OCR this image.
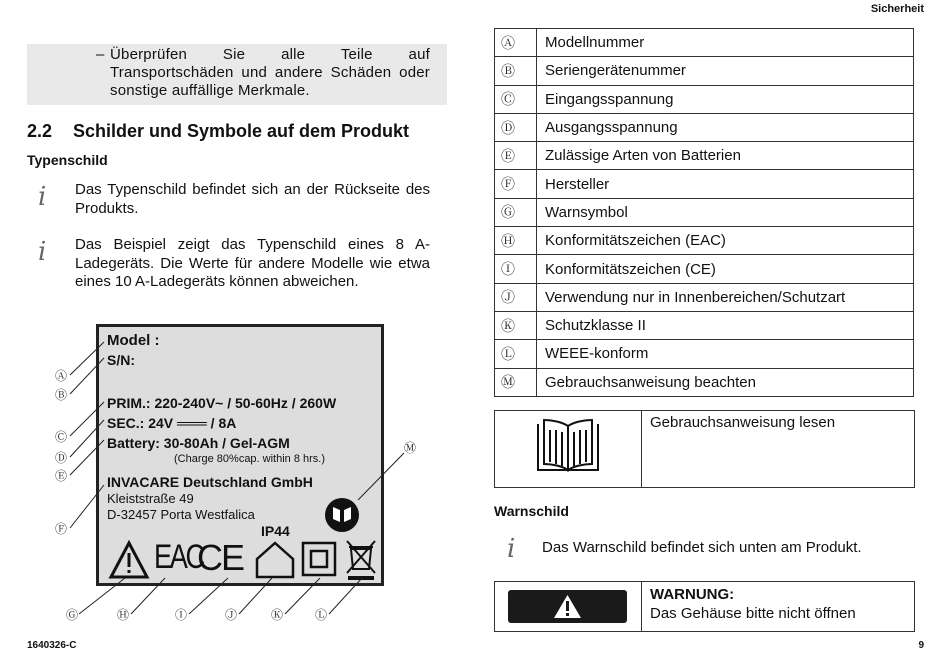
Sicherheit
1640326-C	9
– Überprüfen Sie alle Teile auf Transportschäden und andere Schäden oder sonstige auffällige Merkmale.
2.2 Schilder und Symbole auf dem Produkt
Typenschild
i Das Typenschild befindet sich an der Rückseite des Produkts.
i Das Beispiel zeigt das Typenschild eines 8 A-Ladegeräts. Die Werte für andere Modelle wie etwa eines 10 A-Ladegeräts können abweichen.
Model :
S/N:
PRIM.: 220-240V~ / 50-60Hz / 260W
SEC.: 24V ═══ / 8A
Battery: 30-80Ah / Gel-AGM
(Charge 80%cap. within 8 hrs.)
INVACARE Deutschland GmbH
Kleiststraße 49
D-32457 Porta Westfalica
IP44
EAC
CE
Ⓐ
Ⓑ
Ⓒ
Ⓓ
Ⓔ
Ⓕ
Ⓖ	Ⓗ	Ⓘ	Ⓙ	Ⓚ	Ⓛ
Ⓜ
Ⓐ	Modellnummer
Ⓑ	Seriengerätenummer
Ⓒ	Eingangsspannung
Ⓓ	Ausgangsspannung
Ⓔ	Zulässige Arten von Batterien
Ⓕ	Hersteller
Ⓖ	Warnsymbol
Ⓗ	Konformitätszeichen (EAC)
Ⓘ	Konformitätszeichen (CE)
Ⓙ	Verwendung nur in Innenbereichen/Schutzart
Ⓚ	Schutzklasse II
Ⓛ	WEEE-konform
Ⓜ	Gebrauchsanweisung beachten
Gebrauchsanweisung lesen
Warnschild
i Das Warnschild befindet sich unten am Produkt.
WARNUNG:
Das Gehäuse bitte nicht öffnen
